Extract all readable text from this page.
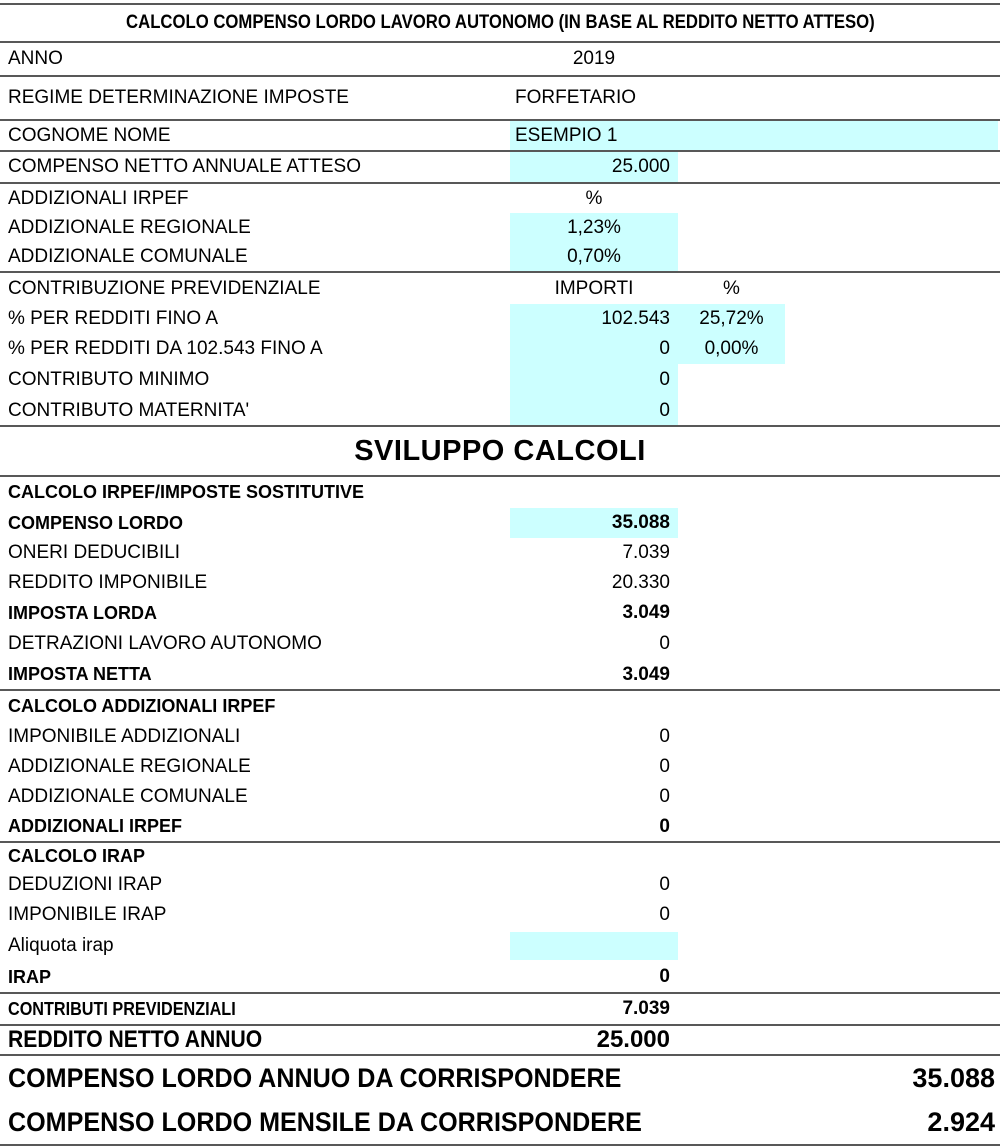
CALCOLO COMPENSO LORDO LAVORO AUTONOMO (IN BASE AL REDDITO NETTO ATTESO)
ANNO	2019
REGIME DETERMINAZIONE IMPOSTE	FORFETARIO
COGNOME NOME	ESEMPIO 1
COMPENSO NETTO ANNUALE ATTESO	25.000
ADDIZIONALI IRPEF	%
ADDIZIONALE REGIONALE	1,23%
ADDIZIONALE COMUNALE	0,70%
CONTRIBUZIONE PREVIDENZIALE	IMPORTI	%
% PER REDDITI FINO A	102.543	25,72%
% PER REDDITI DA 102.543 FINO A	0	0,00%
CONTRIBUTO MINIMO	0
CONTRIBUTO MATERNITA'	0
SVILUPPO CALCOLI
CALCOLO IRPEF/IMPOSTE SOSTITUTIVE
COMPENSO LORDO	35.088
ONERI DEDUCIBILI	7.039
REDDITO IMPONIBILE	20.330
IMPOSTA LORDA	3.049
DETRAZIONI LAVORO AUTONOMO	0
IMPOSTA NETTA	3.049
CALCOLO ADDIZIONALI IRPEF
IMPONIBILE ADDIZIONALI	0
ADDIZIONALE REGIONALE	0
ADDIZIONALE COMUNALE	0
ADDIZIONALI IRPEF	0
CALCOLO IRAP
DEDUZIONI IRAP	0
IMPONIBILE IRAP	0
Aliquota irap
IRAP	0
CONTRIBUTI PREVIDENZIALI	7.039
REDDITO NETTO ANNUO	25.000
COMPENSO LORDO ANNUO DA CORRISPONDERE	35.088
COMPENSO LORDO MENSILE DA CORRISPONDERE	2.924
